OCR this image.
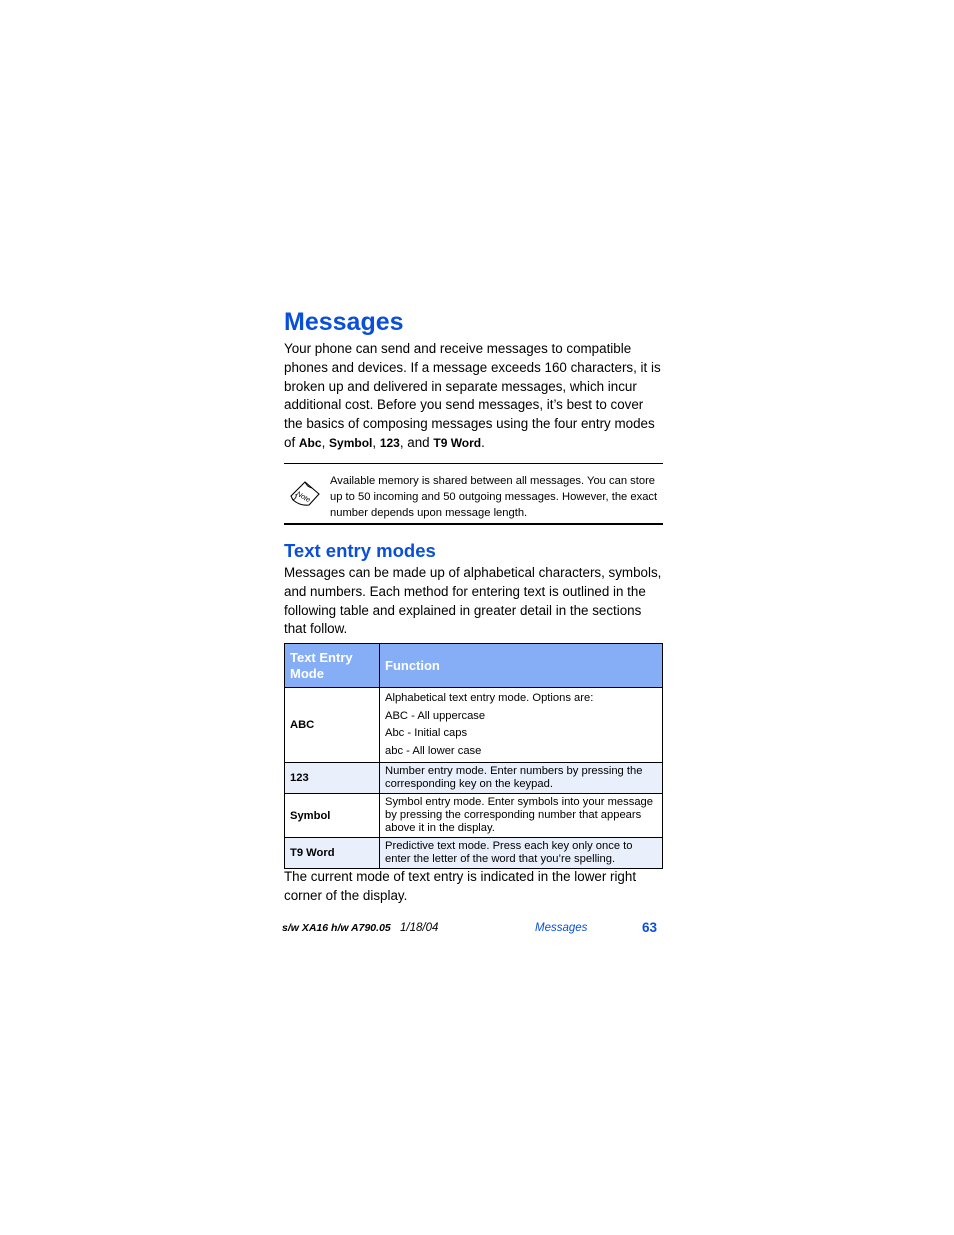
Messages

Your phone can send and receive messages to compatible phones and devices. If a message exceeds 160 characters, it is broken up and delivered in separate messages, which incur additional cost. Before you send messages, it’s best to cover the basics of composing messages using the four entry modes of Abc, Symbol, 123, and T9 Word.

Note
Available memory is shared between all messages. You can store up to 50 incoming and 50 outgoing messages. However, the exact number depends upon message length.
Text entry modes

Messages can be made up of alphabetical characters, symbols, and numbers. Each method for entering text is outlined in the following table and explained in greater detail in the sections that follow.

Text Entry Mode	Function
ABC	Alphabetical text entry mode. Options are:
ABC - All uppercase
Abc - Initial caps
abc - All lower case

123	Number entry mode. Enter numbers by pressing the corresponding key on the keypad.
Symbol	Symbol entry mode. Enter symbols into your message by pressing the corresponding number that appears above it in the display.
T9 Word	Predictive text mode. Press each key only once to enter the letter of the word that you’re spelling.

The current mode of text entry is indicated in the lower right corner of the display.

s/w XA16 h/w A790.05 1/18/04	Messages	63
